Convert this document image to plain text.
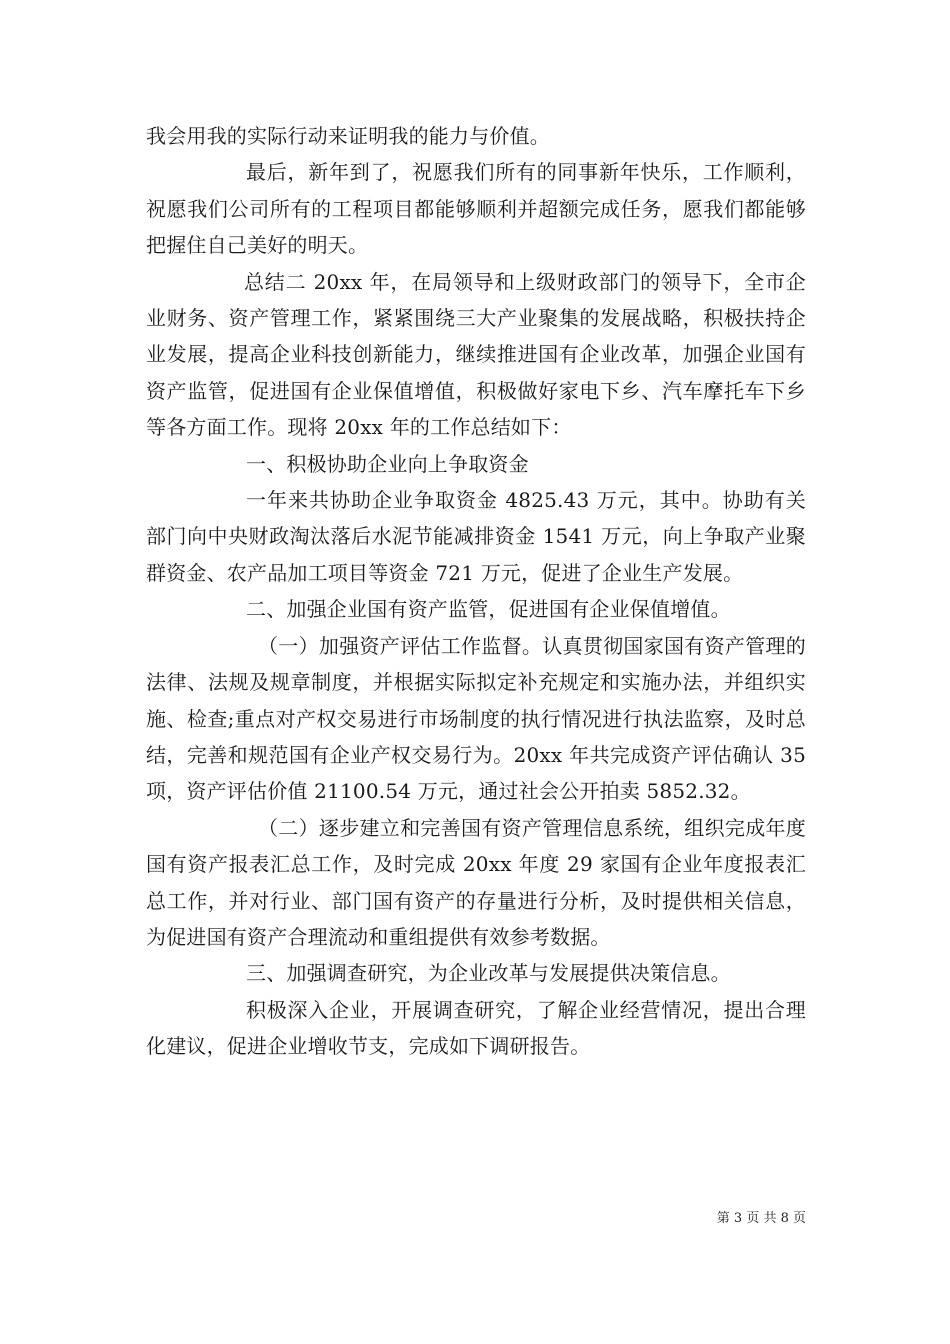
我会用我的实际行动来证明我的能力与价值。

最后，新年到了，祝愿我们所有的同事新年快乐，工作顺利，祝愿我们公司所有的工程项目都能够顺利并超额完成任务，愿我们都能够把握住自己美好的明天。

总结二 20xx 年，在局领导和上级财政部门的领导下，全市企业财务、资产管理工作，紧紧围绕三大产业聚集的发展战略，积极扶持企业发展，提高企业科技创新能力，继续推进国有企业改革，加强企业国有资产监管，促进国有企业保值增值，积极做好家电下乡、汽车摩托车下乡等各方面工作。现将 20xx 年的工作总结如下：

一、积极协助企业向上争取资金

一年来共协助企业争取资金 4825.43 万元，其中。协助有关部门向中央财政淘汰落后水泥节能减排资金 1541 万元，向上争取产业聚群资金、农产品加工项目等资金 721 万元，促进了企业生产发展。

二、加强企业国有资产监管，促进国有企业保值增值。

（一）加强资产评估工作监督。认真贯彻国家国有资产管理的法律、法规及规章制度，并根据实际拟定补充规定和实施办法，并组织实施、检查;重点对产权交易进行市场制度的执行情况进行执法监察，及时总结，完善和规范国有企业产权交易行为。20xx 年共完成资产评估确认 35 项，资产评估价值 21100.54 万元，通过社会公开拍卖 5852.32。

（二）逐步建立和完善国有资产管理信息系统，组织完成年度国有资产报表汇总工作，及时完成 20xx 年度 29 家国有企业年度报表汇总工作，并对行业、部门国有资产的存量进行分析，及时提供相关信息，为促进国有资产合理流动和重组提供有效参考数据。

三、加强调查研究，为企业改革与发展提供决策信息。

积极深入企业，开展调查研究，了解企业经营情况，提出合理化建议，促进企业增收节支，完成如下调研报告。

第 3 页 共 8 页
